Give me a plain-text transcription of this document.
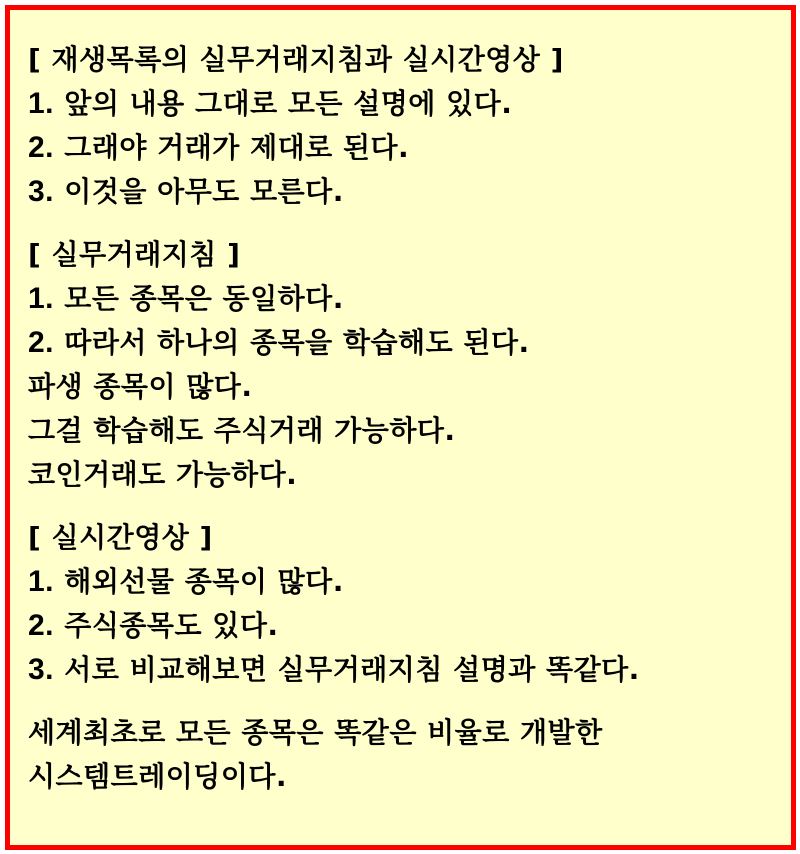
[ 재생목록의 실무거래지침과 실시간영상 ]
1. 앞의 내용 그대로 모든 설명에 있다.
2. 그래야 거래가 제대로 된다.
3. 이것을 아무도 모른다.
[ 실무거래지침 ]
1. 모든 종목은 동일하다.
2. 따라서 하나의 종목을 학습해도 된다.
파생 종목이 많다.
그걸 학습해도 주식거래 가능하다.
코인거래도 가능하다.
[ 실시간영상 ]
1. 해외선물 종목이 많다.
2. 주식종목도 있다.
3. 서로 비교해보면 실무거래지침 설명과 똑같다.
세계최초로 모든 종목은 똑같은 비율로 개발한
시스템트레이딩이다.
